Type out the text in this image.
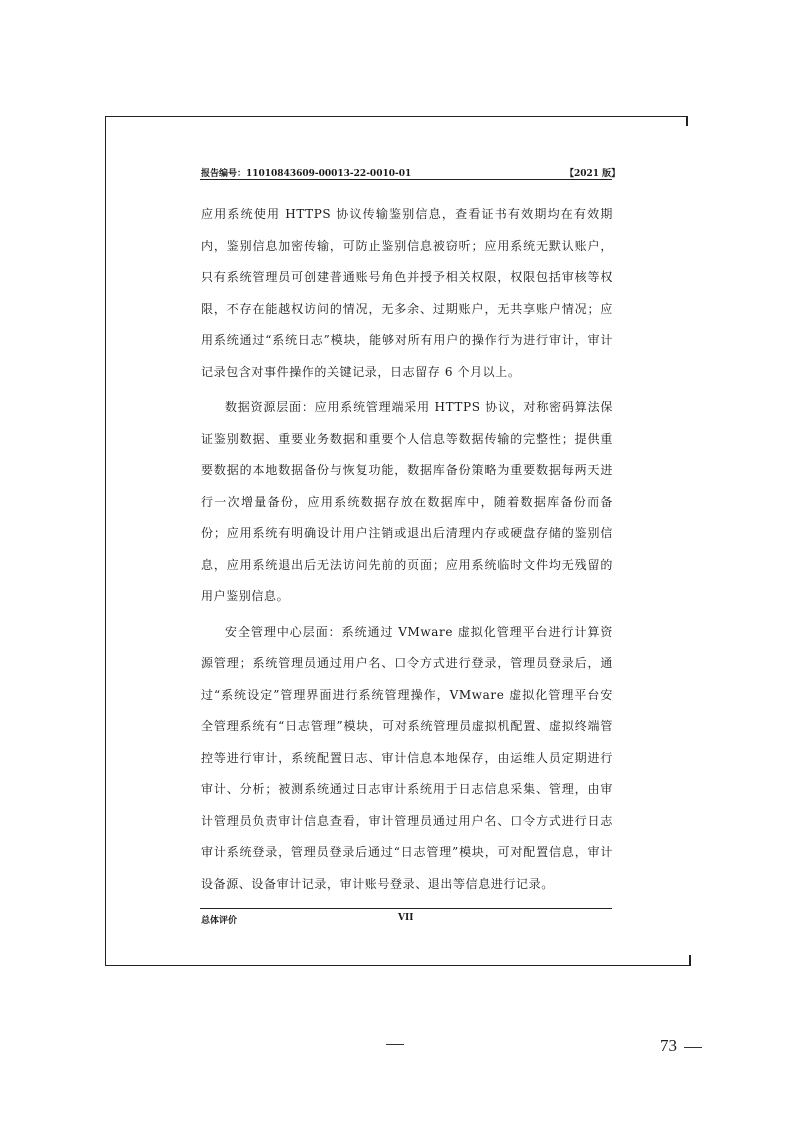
报告编号：11010843609-00013-22-0010-01	【2021 版】

应用系统使用 HTTPS 协议传输鉴别信息，查看证书有效期均在有效期内，鉴别信息加密传输，可防止鉴别信息被窃听；应用系统无默认账户，只有系统管理员可创建普通账号角色并授予相关权限，权限包括审核等权限，不存在能越权访问的情况，无多余、过期账户，无共享账户情况；应用系统通过“系统日志”模块，能够对所有用户的操作行为进行审计，审计记录包含对事件操作的关键记录，日志留存 6 个月以上。

数据资源层面：应用系统管理端采用 HTTPS 协议，对称密码算法保证鉴别数据、重要业务数据和重要个人信息等数据传输的完整性；提供重要数据的本地数据备份与恢复功能，数据库备份策略为重要数据每两天进行一次增量备份，应用系统数据存放在数据库中，随着数据库备份而备份；应用系统有明确设计用户注销或退出后清理内存或硬盘存储的鉴别信息，应用系统退出后无法访问先前的页面；应用系统临时文件均无残留的用户鉴别信息。

安全管理中心层面：系统通过 VMware 虚拟化管理平台进行计算资源管理；系统管理员通过用户名、口令方式进行登录，管理员登录后，通过“系统设定”管理界面进行系统管理操作，VMware 虚拟化管理平台安全管理系统有“日志管理”模块，可对系统管理员虚拟机配置、虚拟终端管控等进行审计，系统配置日志、审计信息本地保存，由运维人员定期进行审计、分析；被测系统通过日志审计系统用于日志信息采集、管理，由审计管理员负责审计信息查看，审计管理员通过用户名、口令方式进行日志审计系统登录，管理员登录后通过“日志管理”模块，可对配置信息，审计设备源、设备审计记录，审计账号登录、退出等信息进行记录。

总体评价	VII
73
